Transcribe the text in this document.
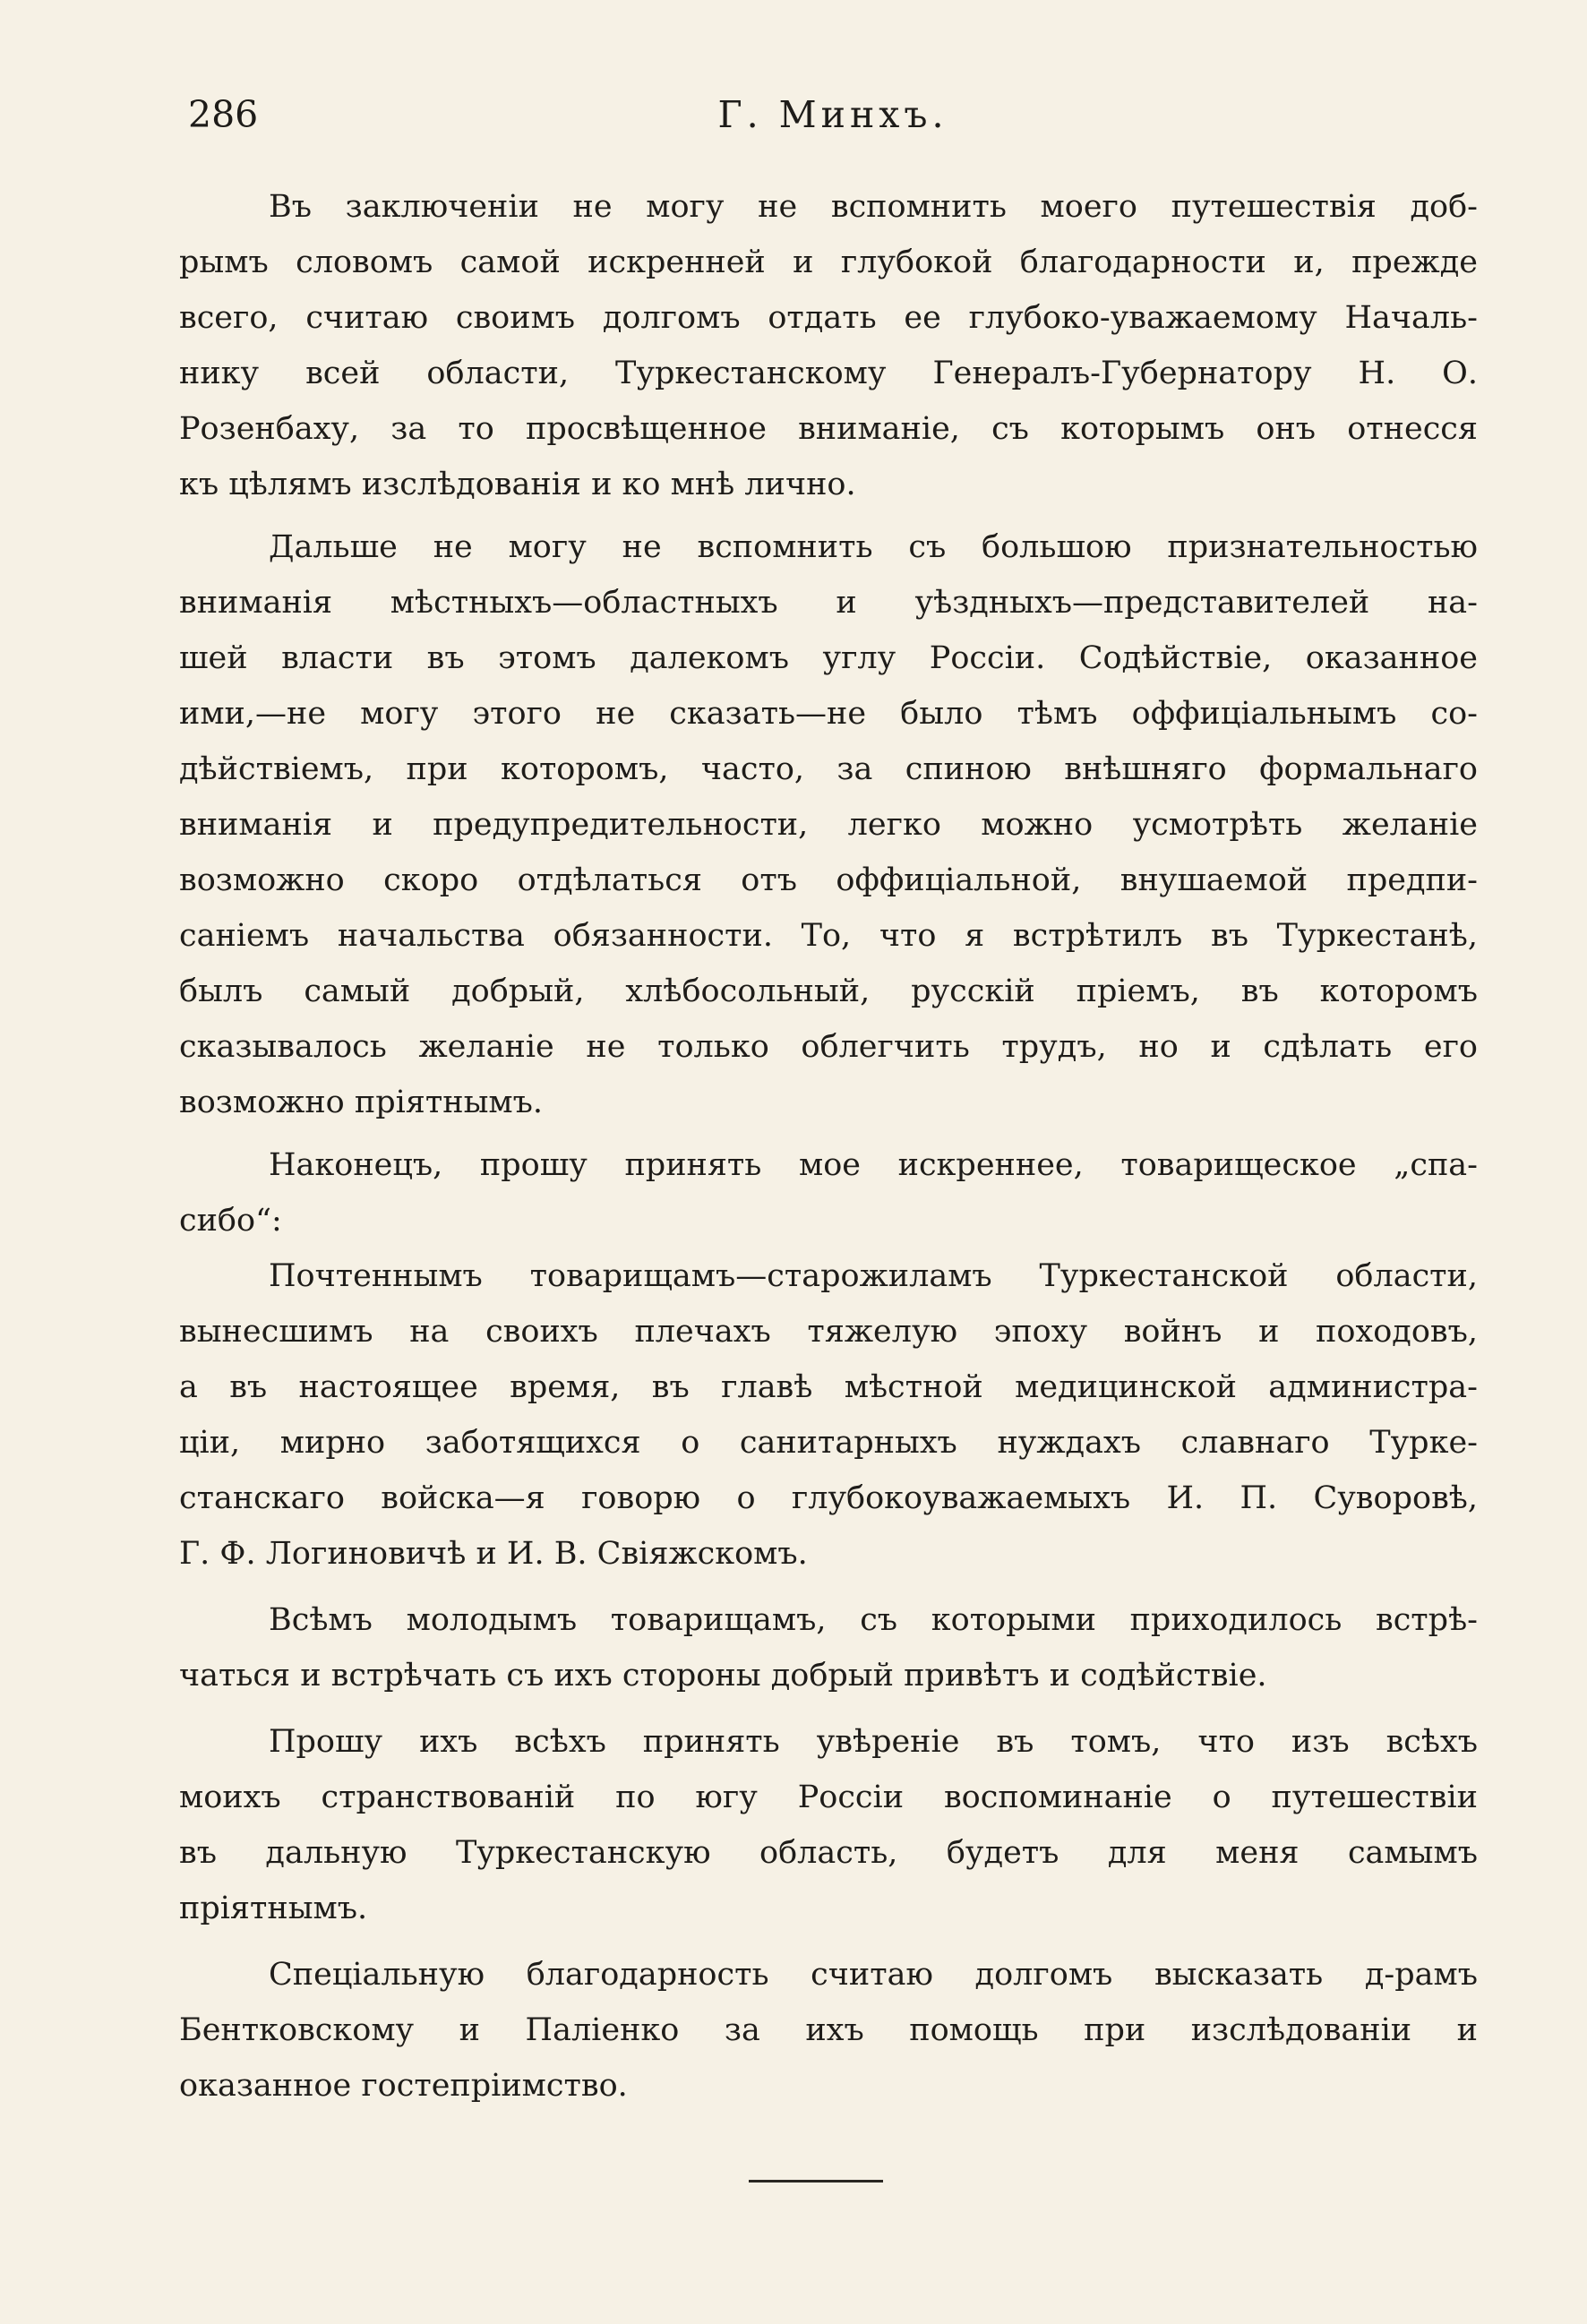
286	Г. Минхъ.
Въ заключеніи не могу не вспомнить моего путешествія доб-
рымъ словомъ самой искренней и глубокой благодарности и, прежде
всего, считаю своимъ долгомъ отдать ее глубоко-уважаемому Началь-
нику всей области, Туркестанскому Генералъ-Губернатору Н. О.
Розенбаху, за то просвѣщенное вниманіе, съ которымъ онъ отнесся
къ цѣлямъ изслѣдованія и ко мнѣ лично.
Дальше не могу не вспомнить съ большою признательностью
вниманія мѣстныхъ—областныхъ и уѣздныхъ—представителей на-
шей власти въ этомъ далекомъ углу Россіи. Содѣйствіе, оказанное
ими,—не могу этого не сказать—не было тѣмъ оффиціальнымъ со-
дѣйствіемъ, при которомъ, часто, за спиною внѣшняго формальнаго
вниманія и предупредительности, легко можно усмотрѣть желаніе
возможно скоро отдѣлаться отъ оффиціальной, внушаемой предпи-
саніемъ начальства обязанности. То, что я встрѣтилъ въ Туркестанѣ,
былъ самый добрый, хлѣбосольный, русскій пріемъ, въ которомъ
сказывалось желаніе не только облегчить трудъ, но и сдѣлать его
возможно пріятнымъ.
Наконецъ, прошу принять мое искреннее, товарищеское „спа-
сибо“:
Почтеннымъ товарищамъ—старожиламъ Туркестанской области,
вынесшимъ на своихъ плечахъ тяжелую эпоху войнъ и походовъ,
а въ настоящее время, въ главѣ мѣстной медицинской администра-
ціи, мирно заботящихся о санитарныхъ нуждахъ славнаго Турке-
станскаго войска—я говорю о глубокоуважаемыхъ И. П. Суворовѣ,
Г. Ф. Логиновичѣ и И. В. Свіяжскомъ.
Всѣмъ молодымъ товарищамъ, съ которыми приходилось встрѣ-
чаться и встрѣчать съ ихъ стороны добрый привѣтъ и содѣйствіе.
Прошу ихъ всѣхъ принять увѣреніе въ томъ, что изъ всѣхъ
моихъ странствованій по югу Россіи воспоминаніе о путешествіи
въ дальную Туркестанскую область, будетъ для меня самымъ
пріятнымъ.
Спеціальную благодарность считаю долгомъ высказать д-рамъ
Бентковскому и Паліенко за ихъ помощь при изслѣдованіи и
оказанное гостепріимство.
